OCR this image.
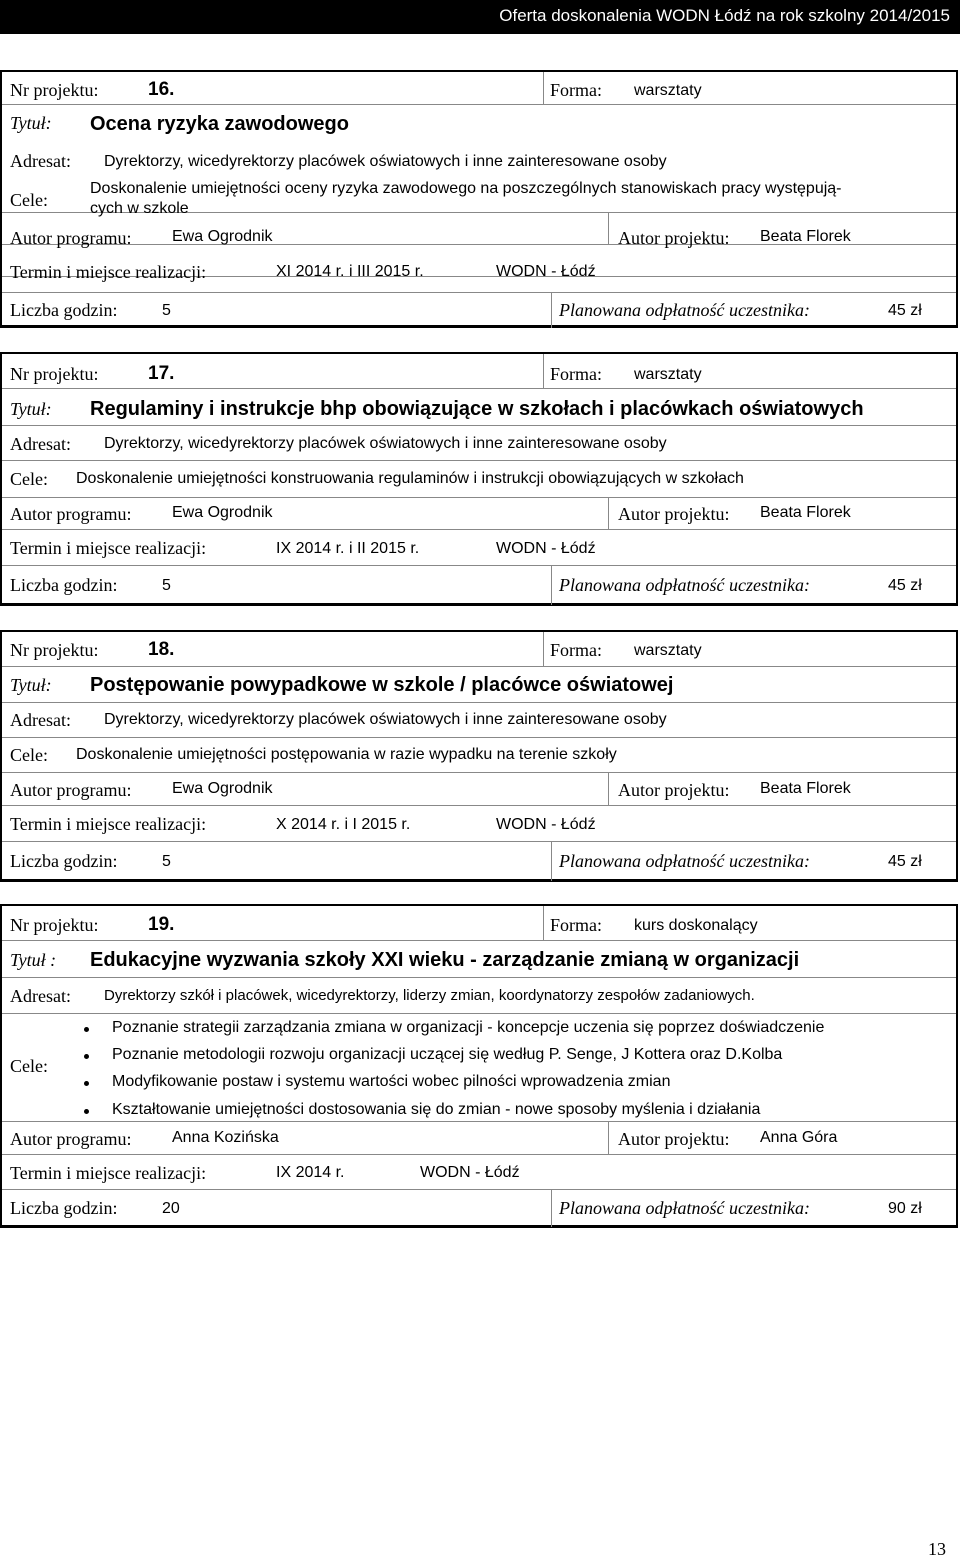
Oferta doskonalenia WODN Łódź na rok szkolny 2014/2015
Nr projektu:	16.	Forma: warsztaty
Tytuł: Ocena ryzyka zawodowego
Adresat: Dyrektorzy, wicedyrektorzy placówek oświatowych i inne zainteresowane osoby
Cele:
Doskonalenie umiejętności oceny ryzyka zawodowego na poszczególnych stanowiskach pracy występują-
cych w szkole
Autor programu:	Ewa Ogrodnik	Autor projektu: Beata Florek
Termin i miejsce realizacji:	XI 2014 r. i III 2015 r.	WODN - Łódź
Liczba godzin:	5	Planowana odpłatność uczestnika:	45 zł
Nr projektu:	17.	Forma: warsztaty
Tytuł: Regulaminy i instrukcje bhp obowiązujące w szkołach i placówkach oświatowych
Adresat: Dyrektorzy, wicedyrektorzy placówek oświatowych i inne zainteresowane osoby
Cele: Doskonalenie umiejętności konstruowania regulaminów i instrukcji obowiązujących w szkołach
Autor programu:	Ewa Ogrodnik	Autor projektu: Beata Florek
Termin i miejsce realizacji:	IX 2014 r. i II 2015 r.	WODN - Łódź
Liczba godzin:	5	Planowana odpłatność uczestnika:	45 zł
Nr projektu:	18.	Forma: warsztaty
Tytuł: Postępowanie powypadkowe w szkole / placówce oświatowej
Adresat: Dyrektorzy, wicedyrektorzy placówek oświatowych i inne zainteresowane osoby
Cele: Doskonalenie umiejętności postępowania w razie wypadku na terenie szkoły
Autor programu:	Ewa Ogrodnik	Autor projektu: Beata Florek
Termin i miejsce realizacji:	X 2014 r. i I 2015 r.	WODN - Łódź
Liczba godzin:	5	Planowana odpłatność uczestnika:	45 zł
Nr projektu:	19.	Forma: kurs doskonalący
Tytuł : Edukacyjne wyzwania szkoły XXI wieku - zarządzanie zmianą w organizacji
Adresat: Dyrektorzy szkół i placówek, wicedyrektorzy, liderzy zmian, koordynatorzy zespołów zadaniowych.
Cele:
Poznanie strategii zarządzania zmiana w organizacji - koncepcje uczenia się poprzez doświadczenie
Poznanie metodologii rozwoju organizacji uczącej się według P. Senge, J Kottera oraz D.Kolba
Modyfikowanie postaw i systemu wartości wobec pilności wprowadzenia zmian
Kształtowanie umiejętności dostosowania się do zmian - nowe sposoby myślenia i działania
Autor programu:	Anna Kozińska	Autor projektu: Anna Góra
Termin i miejsce realizacji:	IX 2014 r.	WODN - Łódź
Liczba godzin:	20	Planowana odpłatność uczestnika:	90 zł
13
